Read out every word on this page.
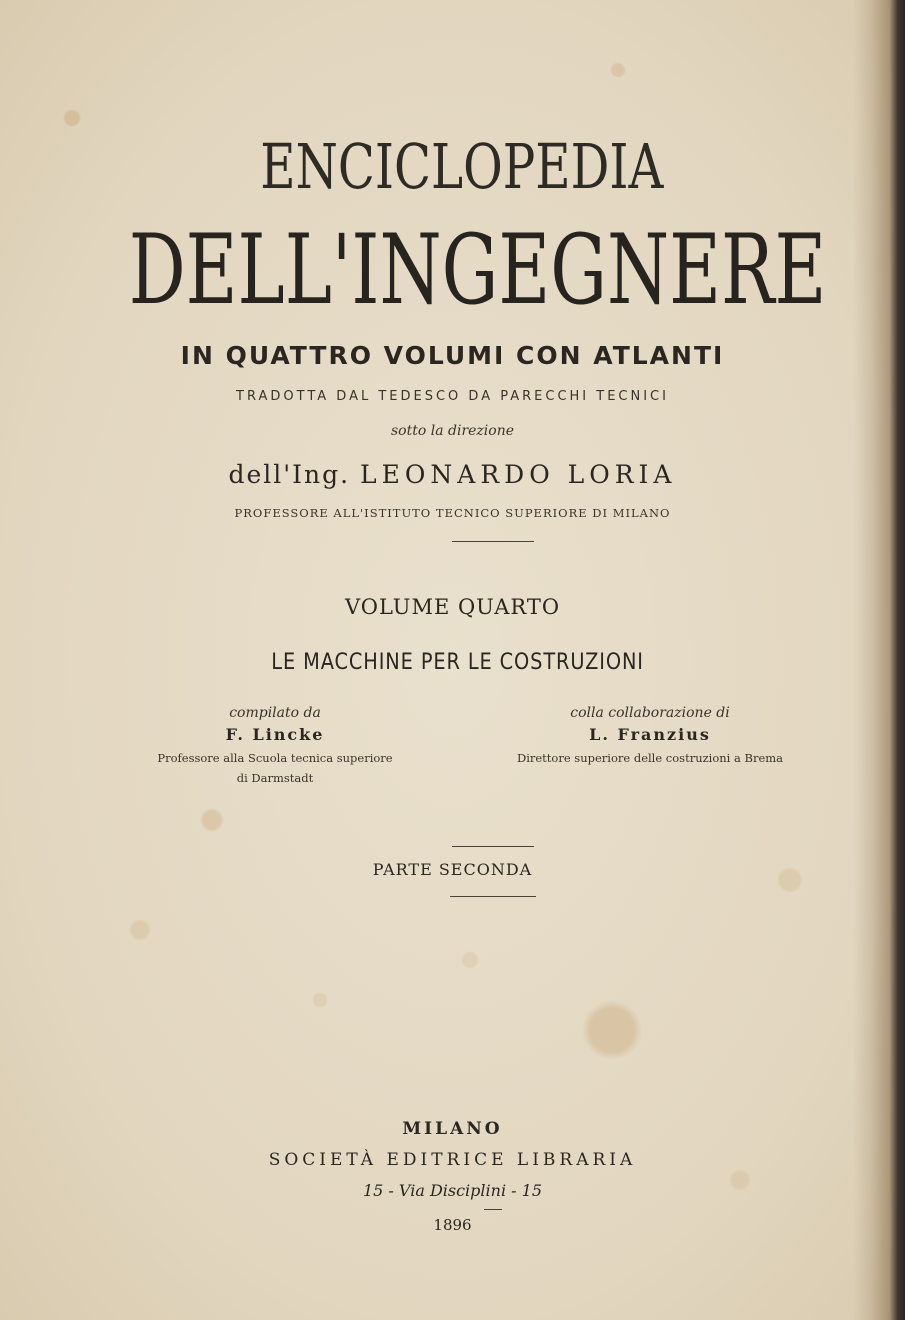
ENCICLOPEDIA
DELL'INGEGNERE
IN QUATTRO VOLUMI CON ATLANTI
TRADOTTA DAL TEDESCO DA PARECCHI TECNICI
sotto la direzione
dell'Ing. LEONARDO LORIA
PROFESSORE ALL'ISTITUTO TECNICO SUPERIORE DI MILANO
VOLUME QUARTO
LE MACCHINE PER LE COSTRUZIONI
compilato da
F. Lincke
Professore alla Scuola tecnica superiore
di Darmstadt
colla collaborazione di
L. Franzius
Direttore superiore delle costruzioni a Brema
PARTE SECONDA
MILANO
SOCIETÀ EDITRICE LIBRARIA
15 - Via Disciplini - 15
1896
